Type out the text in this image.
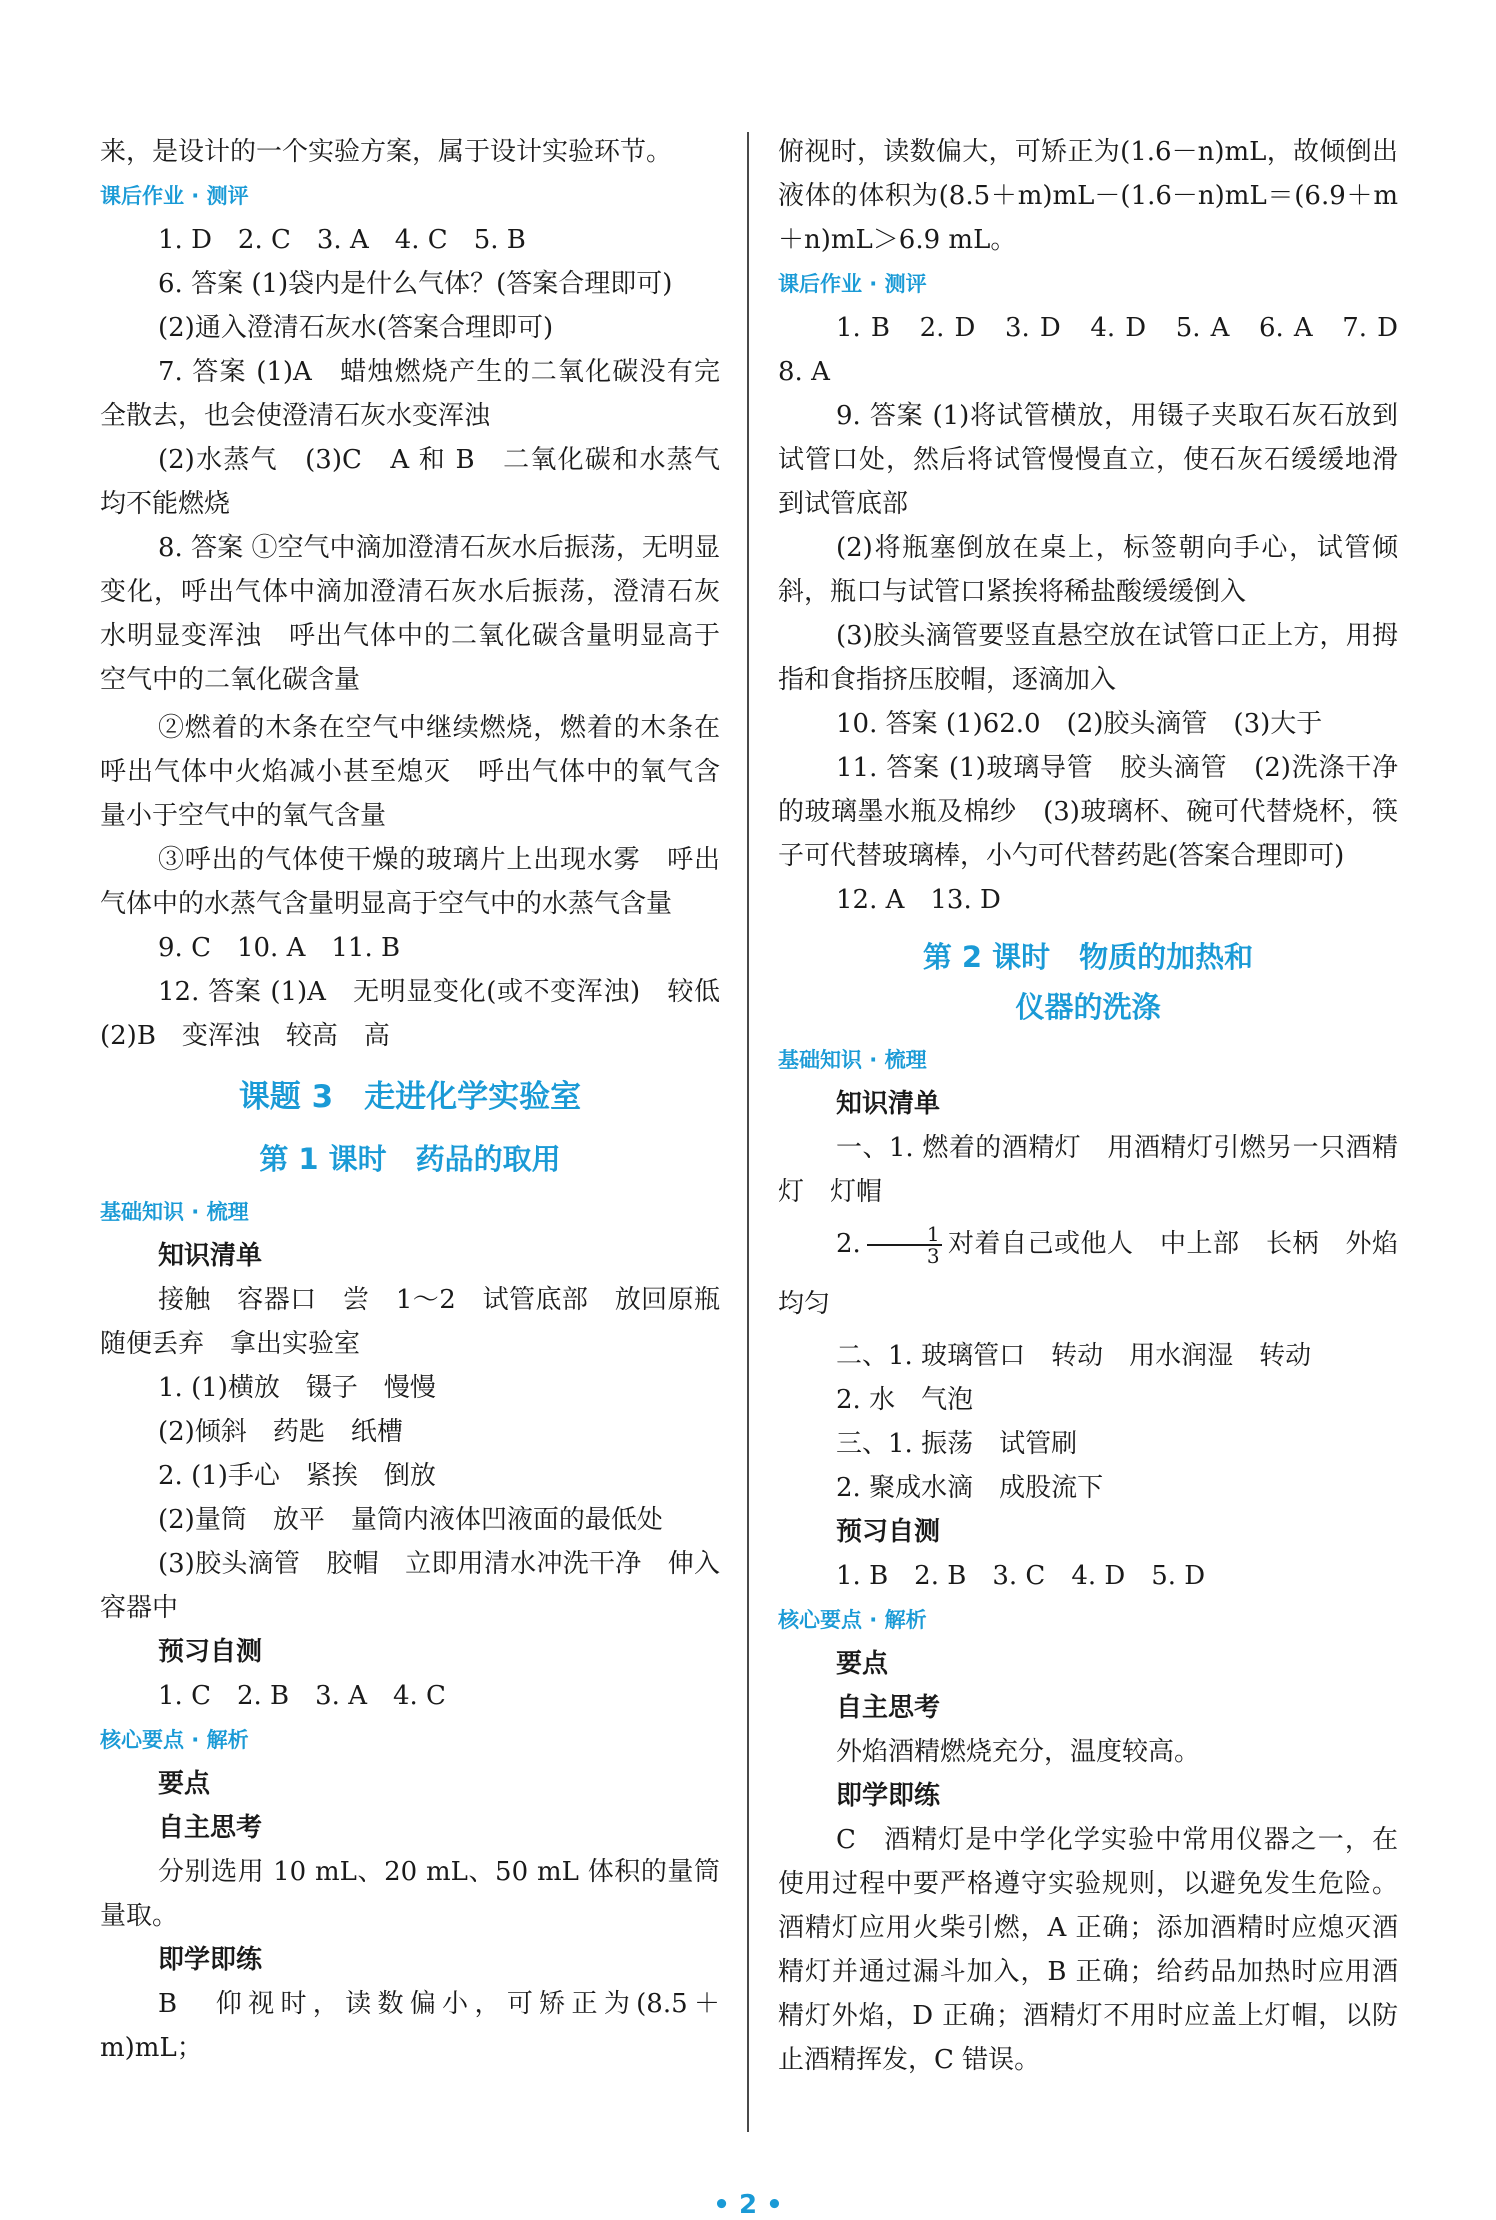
来，是设计的一个实验方案，属于设计实验环节。

课后作业 · 测评

1. D　2. C　3. A　4. C　5. B

6. 答案 (1)袋内是什么气体？(答案合理即可)

(2)通入澄清石灰水(答案合理即可)

7. 答案 (1)A　蜡烛燃烧产生的二氧化碳没有完全散去，也会使澄清石灰水变浑浊

(2)水蒸气　(3)C　A 和 B　二氧化碳和水蒸气均不能燃烧

8. 答案 ①空气中滴加澄清石灰水后振荡，无明显变化，呼出气体中滴加澄清石灰水后振荡，澄清石灰水明显变浑浊　呼出气体中的二氧化碳含量明显高于空气中的二氧化碳含量

②燃着的木条在空气中继续燃烧，燃着的木条在呼出气体中火焰减小甚至熄灭　呼出气体中的氧气含量小于空气中的氧气含量

③呼出的气体使干燥的玻璃片上出现水雾　呼出气体中的水蒸气含量明显高于空气中的水蒸气含量

9. C　10. A　11. B

12. 答案 (1)A　无明显变化(或不变浑浊)　较低　(2)B　变浑浊　较高　高

课题 3　走进化学实验室

第 1 课时　药品的取用

基础知识 · 梳理

知识清单

接触　容器口　尝　1～2　试管底部　放回原瓶　随便丢弃　拿出实验室

1. (1)横放　镊子　慢慢

(2)倾斜　药匙　纸槽

2. (1)手心　紧挨　倒放

(2)量筒　放平　量筒内液体凹液面的最低处

(3)胶头滴管　胶帽　立即用清水冲洗干净　伸入容器中

预习自测

1. C　2. B　3. A　4. C

核心要点 · 解析

要点

自主思考

分别选用 10 mL、20 mL、50 mL 体积的量筒量取。

即学即练

B　仰视时，读数偏小，可矫正为(8.5＋m)mL；

俯视时，读数偏大，可矫正为(1.6－n)mL，故倾倒出液体的体积为(8.5＋m)mL－(1.6－n)mL＝(6.9＋m＋n)mL＞6.9 mL。

课后作业 · 测评

1. B　2. D　3. D　4. D　5. A　6. A　7. D　8. A

9. 答案 (1)将试管横放，用镊子夹取石灰石放到试管口处，然后将试管慢慢直立，使石灰石缓缓地滑到试管底部

(2)将瓶塞倒放在桌上，标签朝向手心，试管倾斜，瓶口与试管口紧挨将稀盐酸缓缓倒入

(3)胶头滴管要竖直悬空放在试管口正上方，用拇指和食指挤压胶帽，逐滴加入

10. 答案 (1)62.0　(2)胶头滴管　(3)大于

11. 答案 (1)玻璃导管　胶头滴管　(2)洗涤干净的玻璃墨水瓶及棉纱　(3)玻璃杯、碗可代替烧杯，筷子可代替玻璃棒，小勺可代替药匙(答案合理即可)

12. A　13. D

第 2 课时　物质的加热和

仪器的洗涤

基础知识 · 梳理

知识清单

一、1. 燃着的酒精灯　用酒精灯引燃另一只酒精灯　灯帽

2. $\frac{1}{3}$ 对着自己或他人　中上部　长柄　外焰　均匀

二、1. 玻璃管口　转动　用水润湿　转动

2. 水　气泡

三、1. 振荡　试管刷

2. 聚成水滴　成股流下

预习自测

1. B　2. B　3. C　4. D　5. D

核心要点 · 解析

要点

自主思考

外焰酒精燃烧充分，温度较高。

即学即练

C　酒精灯是中学化学实验中常用仪器之一，在使用过程中要严格遵守实验规则，以避免发生危险。酒精灯应用火柴引燃，A 正确；添加酒精时应熄灭酒精灯并通过漏斗加入，B 正确；给药品加热时应用酒精灯外焰，D 正确；酒精灯不用时应盖上灯帽，以防止酒精挥发，C 错误。

• 2 •
